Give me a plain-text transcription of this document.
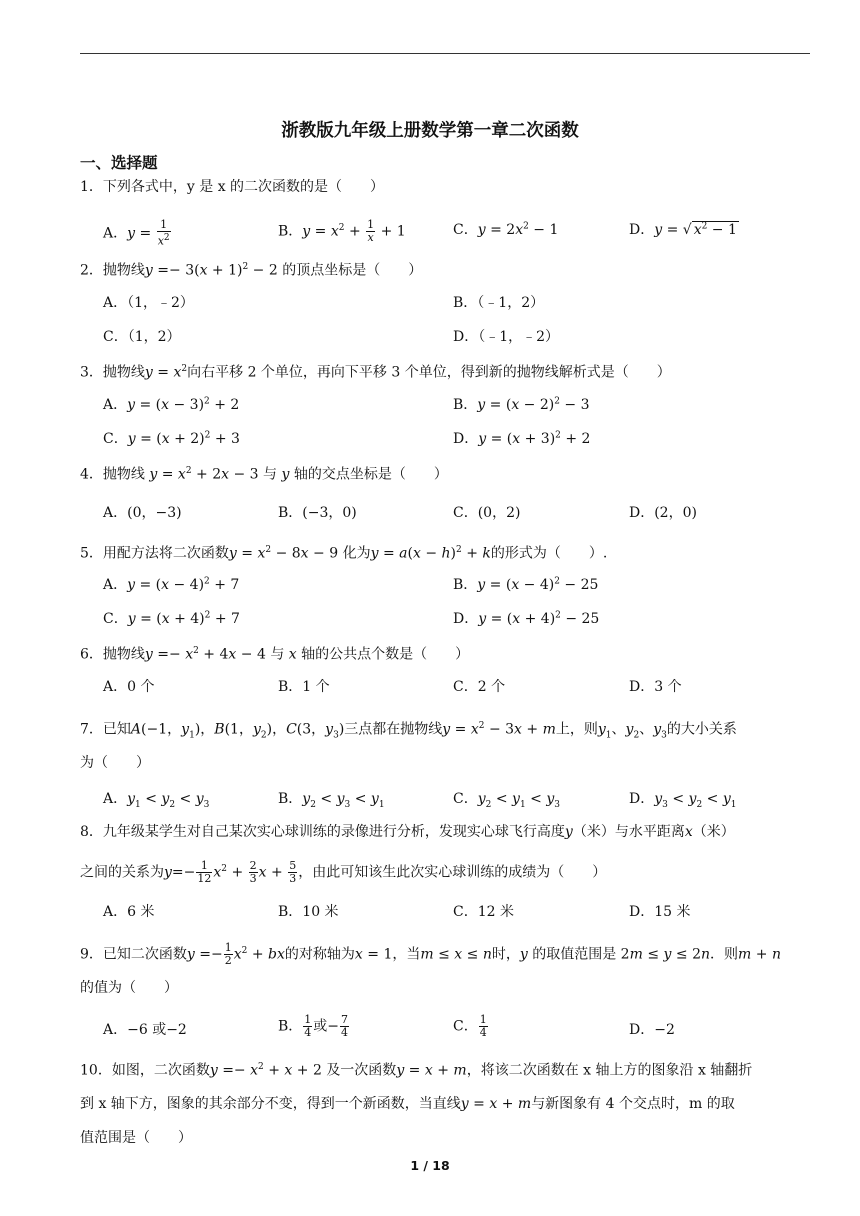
浙教版九年级上册数学第一章二次函数
一、选择题
1．下列各式中，y 是 x 的二次函数的是（　　）
A．$y = \frac{1}{x^2}$	B．$y = x^2 + \frac{1}{x} + 1$	C．$y = 2x^2 - 1$	D．y = √ $x^2 - 1$
2．抛物线$y =- 3(x + 1)^2 - 2$ 的顶点坐标是（　　）
A．（1，﹣2）	B．（﹣1，2）
C．（1，2）	D．（﹣1，﹣2）
3．抛物线$y = x^2$向右平移 2 个单位，再向下平移 3 个单位，得到新的抛物线解析式是（　　）
A．$y = (x - 3)^2 + 2$	B．$y = (x - 2)^2 - 3$
C．$y = (x + 2)^2 + 3$	D．$y = (x + 3)^2 + 2$
4．抛物线 $y = x^2 + 2x - 3$ 与 y 轴的交点坐标是（　　）
A．(0，−3)	B．(−3，0)	C．(0，2)	D．(2，0)
5．用配方法将二次函数$y = x^2 - 8x - 9$ 化为$y = a(x - h)^2 + k$的形式为（　　）.
A．$y = (x - 4)^2 + 7$	B．$y = (x - 4)^2 - 25$
C．$y = (x + 4)^2 + 7$	D．$y = (x + 4)^2 - 25$
6．抛物线$y =- x^2 + 4x - 4$ 与 x 轴的公共点个数是（　　）
A．0 个	B．1 个	C．2 个	D．3 个
7．已知A(−1，$y_1$)，B(1，$y_2$)，C(3，$y_3$)三点都在抛物线$y = x^2 - 3x + m$上，则$y_1$、$y_2$、$y_3$的大小关系
为（　　）
A．$y_1 < y_2 < y_3$	B．$y_2 < y_3 < y_1$	C．$y_2 < y_1 < y_3$	D．$y_3 < y_2 < y_1$
8．九年级某学生对自己某次实心球训练的录像进行分析，发现实心球飞行高度y（米）与水平距离x（米）
之间的关系为$y=- \frac{1}{12} x^2 + \frac{2}{3}$ $x + \frac{5}{3}$ ，由此可知该生此次实心球训练的成绩为（　　）
A．6 米	B．10 米	C．12 米	D．15 米
9．已知二次函数$y =- \frac{1}{2} x^2$ + bx的对称轴为x = 1，当m ≤ x ≤ n时，y 的取值范围是 2m ≤ y ≤ 2n．则m + n
的值为（　　）
A．−6 或−2	B． $\frac{1}{4}$ 或− $\frac{7}{4}$	C． $\frac{1}{4}$	D．−2
10．如图，二次函数$y =- x^2 + x + 2$ 及一次函数y = x + m，将该二次函数在 x 轴上方的图象沿 x 轴翻折
到 x 轴下方，图象的其余部分不变，得到一个新函数，当直线y = x + m与新图象有 4 个交点时，m 的取
值范围是（　　）
1 / 18
